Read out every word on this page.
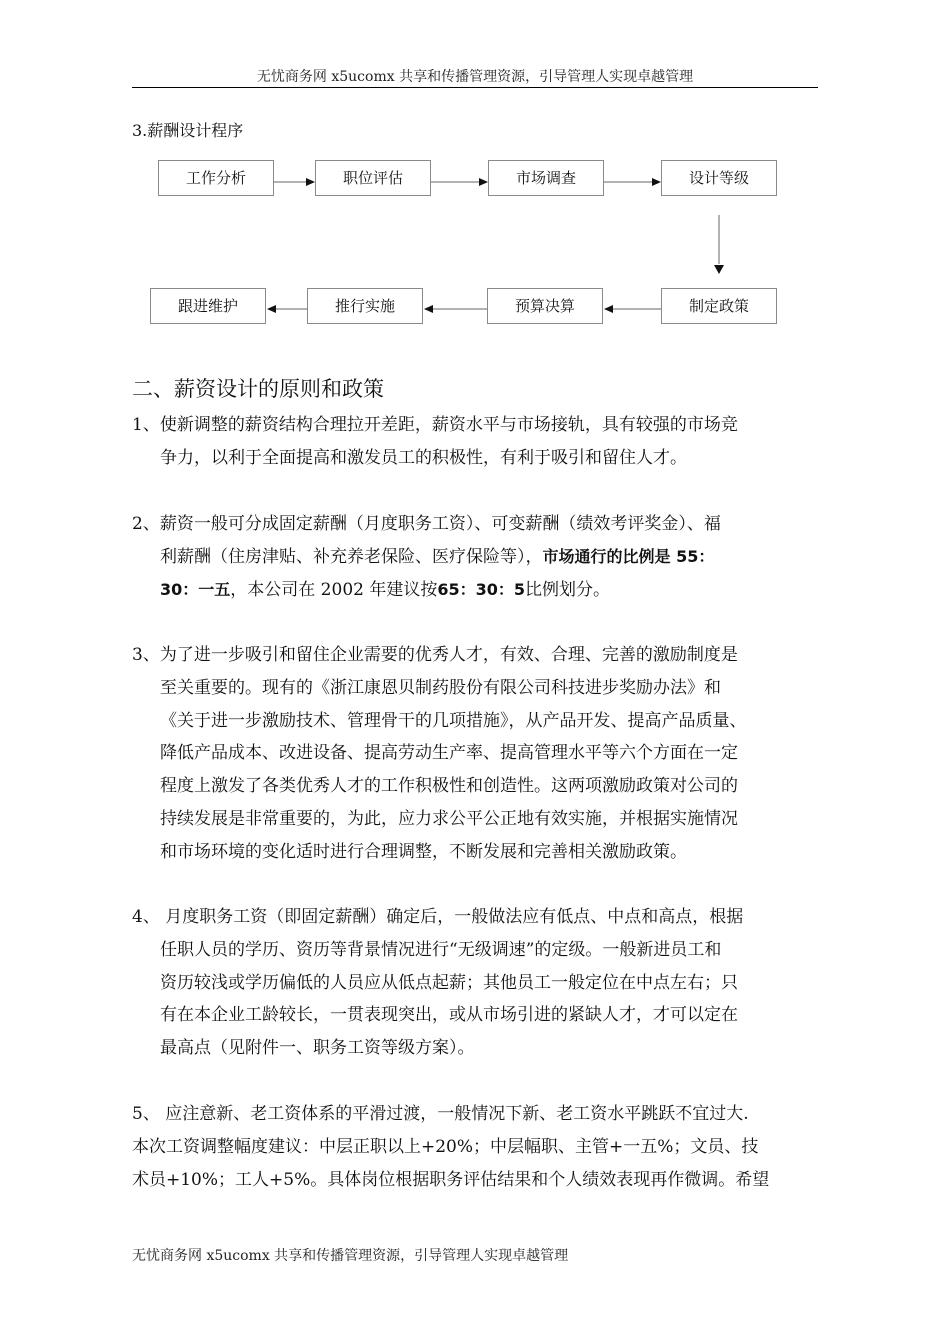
无忧商务网 x5ucomx 共享和传播管理资源，引导管理人实现卓越管理
3.薪酬设计程序
工作分析	职位评估	市场调查	设计等级
跟进维护	推行实施	预算决算	制定政策
二、薪资设计的原则和政策
1、使新调整的薪资结构合理拉开差距，薪资水平与市场接轨，具有较强的市场竞
争力，以利于全面提高和激发员工的积极性，有利于吸引和留住人才。
2、薪资一般可分成固定薪酬（月度职务工资）、可变薪酬（绩效考评奖金）、福
利薪酬（住房津贴、补充养老保险、医疗保险等），市场通行的比例是 55：
30：一五，本公司在 2002 年建议按65：30：5比例划分。
3、为了进一步吸引和留住企业需要的优秀人才，有效、合理、完善的激励制度是
至关重要的。现有的《浙江康恩贝制药股份有限公司科技进步奖励办法》和
《关于进一步激励技术、管理骨干的几项措施》，从产品开发、提高产品质量、
降低产品成本、改进设备、提高劳动生产率、提高管理水平等六个方面在一定
程度上激发了各类优秀人才的工作积极性和创造性。这两项激励政策对公司的
持续发展是非常重要的，为此，应力求公平公正地有效实施，并根据实施情况
和市场环境的变化适时进行合理调整，不断发展和完善相关激励政策。
4、 月度职务工资（即固定薪酬）确定后，一般做法应有低点、中点和高点，根据
任职人员的学历、资历等背景情况进行“无级调速”的定级。一般新进员工和
资历较浅或学历偏低的人员应从低点起薪；其他员工一般定位在中点左右；只
有在本企业工龄较长，一贯表现突出，或从市场引进的紧缺人才，才可以定在
最高点（见附件一、职务工资等级方案）。
5、 应注意新、老工资体系的平滑过渡，一般情况下新、老工资水平跳跃不宜过大.
本次工资调整幅度建议：中层正职以上+20%；中层幅职、主管+一五%；文员、技
术员+10%；工人+5%。具体岗位根据职务评估结果和个人绩效表现再作微调。希望
无忧商务网 x5ucomx 共享和传播管理资源，引导管理人实现卓越管理
